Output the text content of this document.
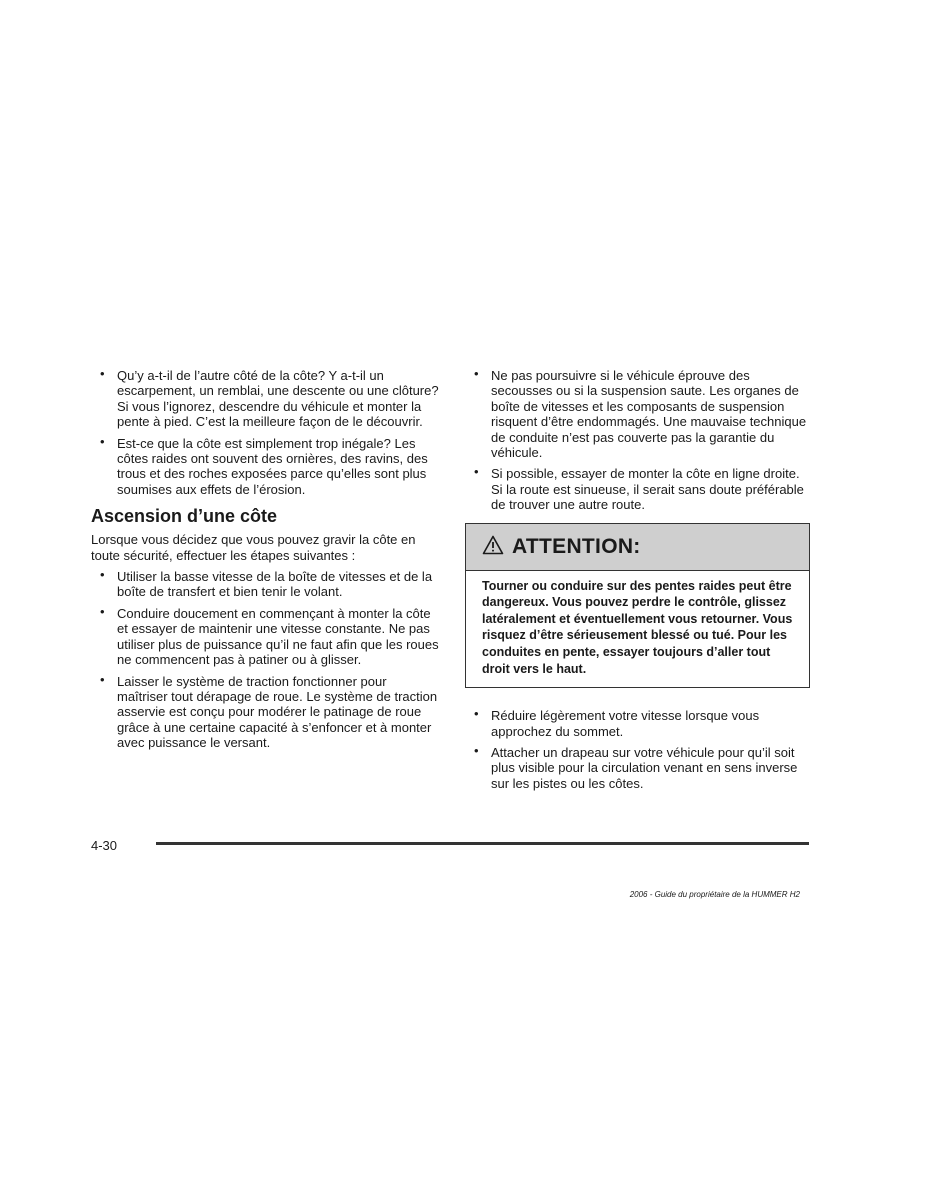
• Qu’y a-t-il de l’autre côté de la côte? Y a-t-il un escarpement, un remblai, une descente ou une clôture? Si vous l’ignorez, descendre du véhicule et monter la pente à pied. C’est la meilleure façon de le découvrir.
• Est-ce que la côte est simplement trop inégale? Les côtes raides ont souvent des ornières, des ravins, des trous et des roches exposées parce qu’elles sont plus soumises aux effets de l’érosion.
Ascension d’une côte

Lorsque vous décidez que vous pouvez gravir la côte en toute sécurité, effectuer les étapes suivantes :

• Utiliser la basse vitesse de la boîte de vitesses et de la boîte de transfert et bien tenir le volant.
• Conduire doucement en commençant à monter la côte et essayer de maintenir une vitesse constante. Ne pas utiliser plus de puissance qu’il ne faut afin que les roues ne commencent pas à patiner ou à glisser.
• Laisser le système de traction fonctionner pour maîtriser tout dérapage de roue. Le système de traction asservie est conçu pour modérer le patinage de roue grâce à une certaine capacité à s’enfoncer et à monter avec puissance le versant.
• Ne pas poursuivre si le véhicule éprouve des secousses ou si la suspension saute. Les organes de boîte de vitesses et les composants de suspension risquent d’être endommagés. Une mauvaise technique de conduite n’est pas couverte pas la garantie du véhicule.
• Si possible, essayer de monter la côte en ligne droite. Si la route est sinueuse, il serait sans doute préférable de trouver une autre route.
ATTENTION:
Tourner ou conduire sur des pentes raides peut être dangereux. Vous pouvez perdre le contrôle, glissez latéralement et éventuellement vous retourner. Vous risquez d’être sérieusement blessé ou tué. Pour les conduites en pente, essayer toujours d’aller tout droit vers le haut.
• Réduire légèrement votre vitesse lorsque vous approchez du sommet.
• Attacher un drapeau sur votre véhicule pour qu’il soit plus visible pour la circulation venant en sens inverse sur les pistes ou les côtes.
4-30
2006 - Guide du propriétaire de la HUMMER H2
